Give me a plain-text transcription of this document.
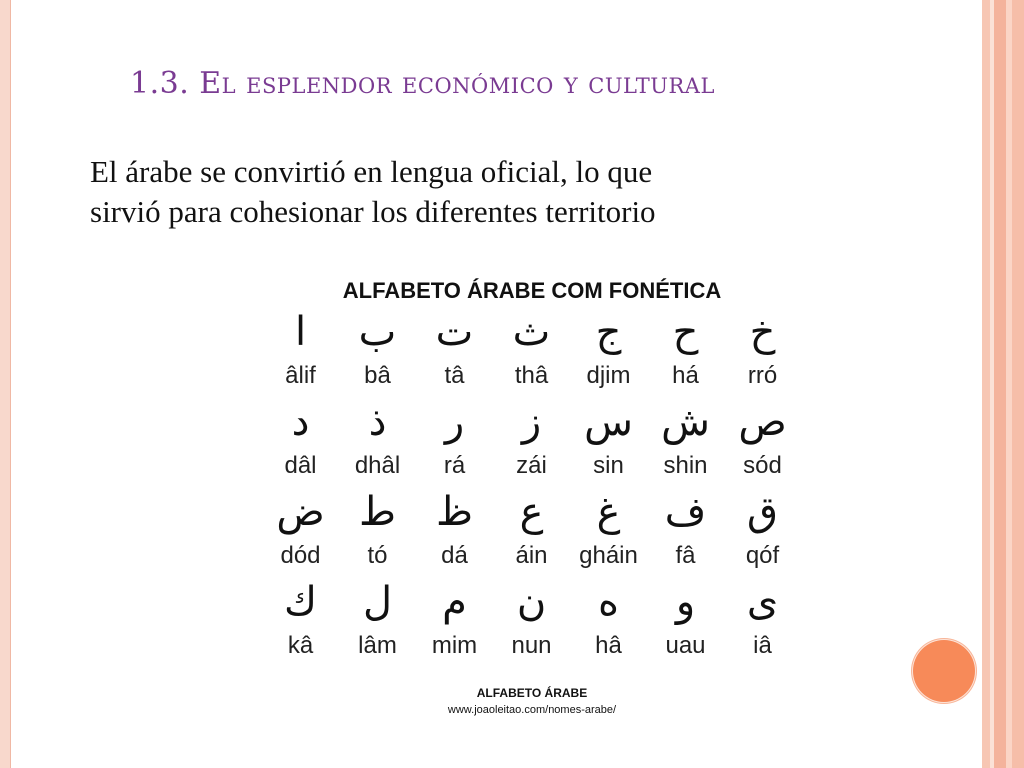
1.3. El esplendor económico y cultural
El árabe se convirtió en lengua oficial, lo que
sirvió para cohesionar los diferentes territorio
ALFABETO ÁRABE COM FONÉTICA
ا
âlif
ب
bâ
ت
tâ
ث
thâ
ج
djim
ح
há
خ
rró
د
dâl
ذ
dhâl
ر
rá
ز
zái
س
sin
ش
shin
ص
sód
ض
dód
ط
tó
ظ
dá
ع
áin
غ
gháin
ف
fâ
ق
qóf
ك
kâ
ل
lâm
م
mim
ن
nun
ه
hâ
و
uau
ى
iâ
ALFABETO ÁRABE
www.joaoleitao.com/nomes-arabe/
